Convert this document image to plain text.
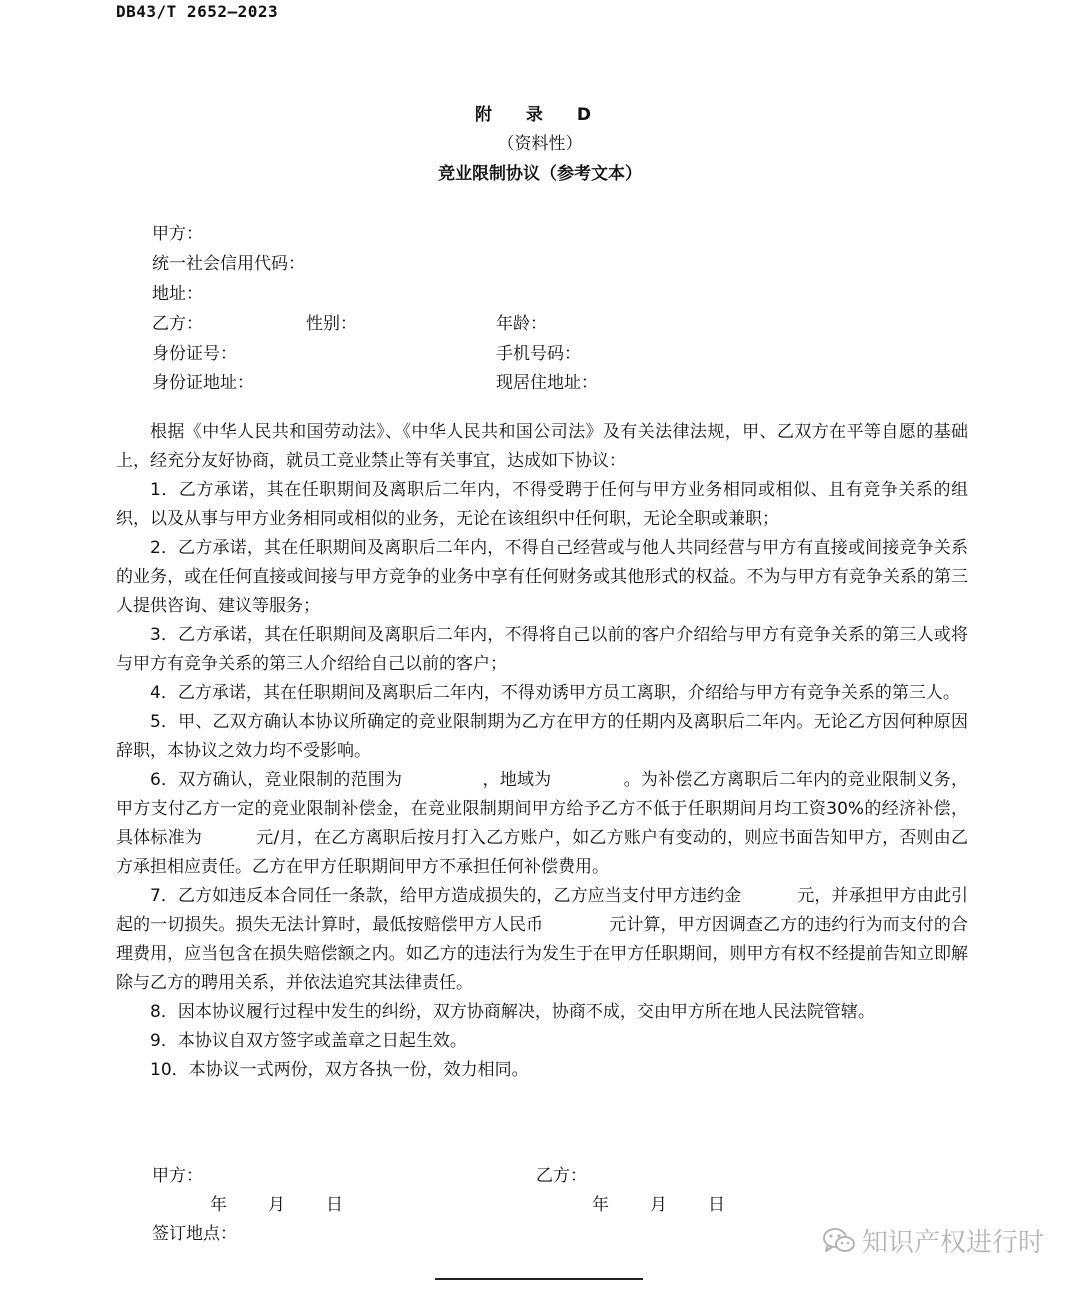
DB43/T 2652—2023
附 录 D
（资料性）
竞业限制协议（参考文本）
甲方：
统一社会信用代码：
地址：
乙方：	性别：	年龄：
身份证号：	手机号码：
身份证地址：	现居住地址：

根据《中华人民共和国劳动法》、《中华人民共和国公司法》及有关法律法规，甲、乙双方在平等自愿的基础上，经充分友好协商，就员工竞业禁止等有关事宜，达成如下协议：

1．乙方承诺，其在任职期间及离职后二年内，不得受聘于任何与甲方业务相同或相似、且有竞争关系的组织，以及从事与甲方业务相同或相似的业务，无论在该组织中任何职，无论全职或兼职；

2．乙方承诺，其在任职期间及离职后二年内，不得自己经营或与他人共同经营与甲方有直接或间接竞争关系的业务，或在任何直接或间接与甲方竞争的业务中享有任何财务或其他形式的权益。不为与甲方有竞争关系的第三人提供咨询、建议等服务；

3．乙方承诺，其在任职期间及离职后二年内，不得将自己以前的客户介绍给与甲方有竞争关系的第三人或将与甲方有竞争关系的第三人介绍给自己以前的客户；

4．乙方承诺，其在任职期间及离职后二年内，不得劝诱甲方员工离职，介绍给与甲方有竞争关系的第三人。

5．甲、乙双方确认本协议所确定的竞业限制期为乙方在甲方的任期内及离职后二年内。无论乙方因何种原因辞职，本协议之效力均不受影响。

6．双方确认，竞业限制的范围为	，地域为	。为补偿乙方离职后二年内的竞业限制义务，甲方支付乙方一定的竞业限制补偿金，在竞业限制期间甲方给予乙方不低于任职期间月均工资30%的经济补偿，具体标准为	元/月，在乙方离职后按月打入乙方账户，如乙方账户有变动的，则应书面告知甲方，否则由乙方承担相应责任。乙方在甲方任职期间甲方不承担任何补偿费用。

7．乙方如违反本合同任一条款，给甲方造成损失的，乙方应当支付甲方违约金	元，并承担甲方由此引起的一切损失。损失无法计算时，最低按赔偿甲方人民币	元计算，甲方因调查乙方的违约行为而支付的合理费用，应当包含在损失赔偿额之内。如乙方的违法行为发生于在甲方任职期间，则甲方有权不经提前告知立即解除与乙方的聘用关系，并依法追究其法律责任。

8．因本协议履行过程中发生的纠纷，双方协商解决，协商不成，交由甲方所在地人民法院管辖。

9．本协议自双方签字或盖章之日起生效。

10．本协议一式两份，双方各执一份，效力相同。

甲方：	乙方：
年 月 日	年 月 日
签订地点：	知识产权进行时
